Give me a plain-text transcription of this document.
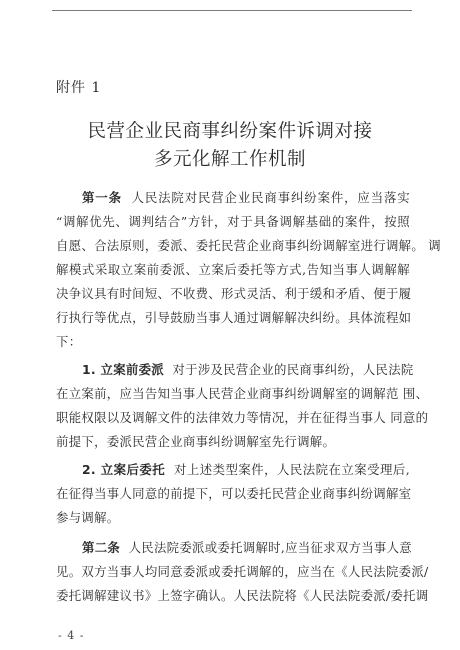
附件 1
民营企业民商事纠纷案件诉调对接
多元化解工作机制
第一条 人民法院对民营企业民商事纠纷案件，应当落实
“调解优先、调判结合”方针，对于具备调解基础的案件，按照
自愿、合法原则，委派、委托民营企业商事纠纷调解室进行调解。 调
解模式采取立案前委派、立案后委托等方式,告知当事人调解解
决争议具有时间短、不收费、形式灵活、利于缓和矛盾、便于履
行执行等优点，引导鼓励当事人通过调解解决纠纷。具体流程如
下：
1. 立案前委派 对于涉及民营企业的民商事纠纷，人民法院
在立案前，应当告知当事人民营企业商事纠纷调解室的调解范 围、
职能权限以及调解文件的法律效力等情况，并在征得当事人 同意的
前提下，委派民营企业商事纠纷调解室先行调解。
2. 立案后委托 对上述类型案件，人民法院在立案受理后,
在征得当事人同意的前提下，可以委托民营企业商事纠纷调解室
参与调解。
第二条 人民法院委派或委托调解时,应当征求双方当事人意
见。双方当事人均同意委派或委托调解的，应当在《人民法院委派/
委托调解建议书》上签字确认。人民法院将《人民法院委派/委托调
- 4 -
